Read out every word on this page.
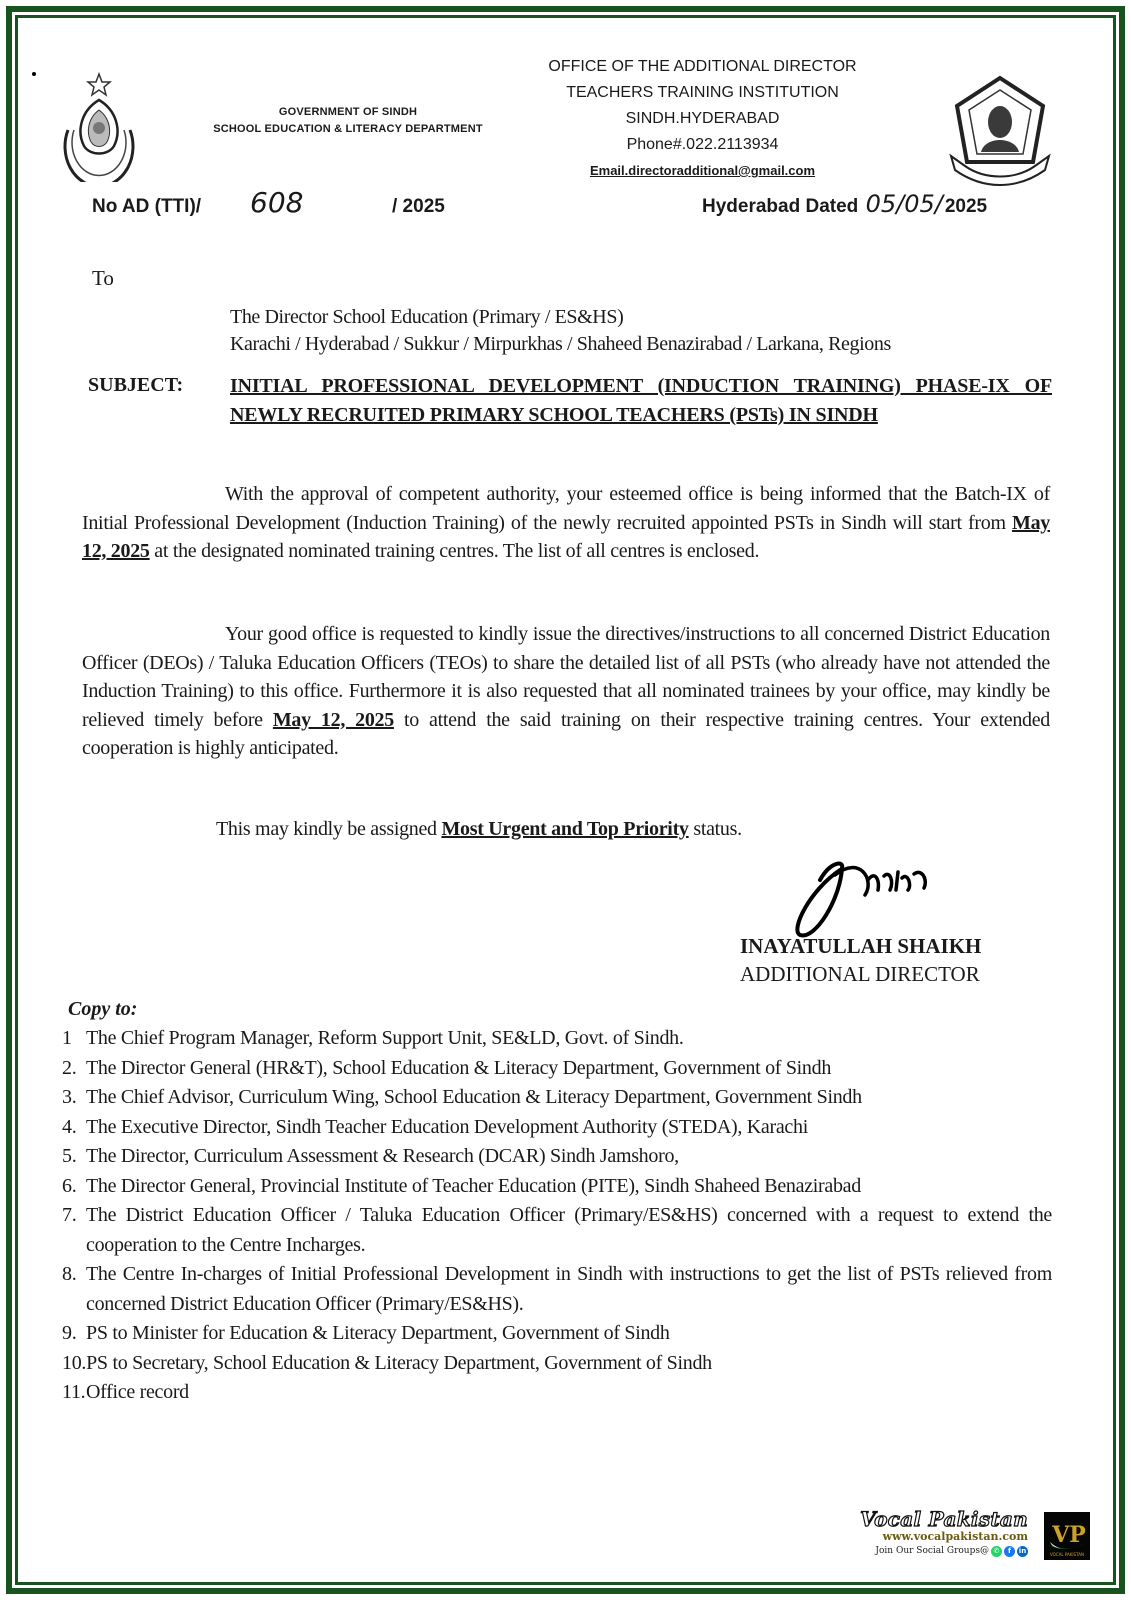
GOVERNMENT OF SINDH
SCHOOL EDUCATION & LITERACY DEPARTMENT
OFFICE OF THE ADDITIONAL DIRECTOR
TEACHERS TRAINING INSTITUTION
SINDH.HYDERABAD
Phone#.022.2113934
Email.directoradditional@gmail.com
No AD (TTI)/ 608	/ 2025	Hyderabad Dated 05/05/ 2025
To
The Director School Education (Primary / ES&HS)
Karachi / Hyderabad / Sukkur / Mirpurkhas / Shaheed Benazirabad / Larkana, Regions
SUBJECT: INITIAL PROFESSIONAL DEVELOPMENT (INDUCTION TRAINING) PHASE-IX OF NEWLY RECRUITED PRIMARY SCHOOL TEACHERS (PSTs) IN SINDH
With the approval of competent authority, your esteemed office is being informed that the Batch-IX of Initial Professional Development (Induction Training) of the newly recruited appointed PSTs in Sindh will start from May 12, 2025 at the designated nominated training centres. The list of all centres is enclosed.
Your good office is requested to kindly issue the directives/instructions to all concerned District Education Officer (DEOs) / Taluka Education Officers (TEOs) to share the detailed list of all PSTs (who already have not attended the Induction Training) to this office. Furthermore it is also requested that all nominated trainees by your office, may kindly be relieved timely before May 12, 2025 to attend the said training on their respective training centres. Your extended cooperation is highly anticipated.
This may kindly be assigned Most Urgent and Top Priority status.
INAYATULLAH SHAIKH
ADDITIONAL DIRECTOR
Copy to:
1 The Chief Program Manager, Reform Support Unit, SE&LD, Govt. of Sindh.
2. The Director General (HR&T), School Education & Literacy Department, Government of Sindh
3. The Chief Advisor, Curriculum Wing, School Education & Literacy Department, Government Sindh
4. The Executive Director, Sindh Teacher Education Development Authority (STEDA), Karachi
5. The Director, Curriculum Assessment & Research (DCAR) Sindh Jamshoro,
6. The Director General, Provincial Institute of Teacher Education (PITE), Sindh Shaheed Benazirabad
7. The District Education Officer / Taluka Education Officer (Primary/ES&HS) concerned with a request to extend the cooperation to the Centre Incharges.
8. The Centre In-charges of Initial Professional Development in Sindh with instructions to get the list of PSTs relieved from concerned District Education Officer (Primary/ES&HS).
9. PS to Minister for Education & Literacy Department, Government of Sindh
10. PS to Secretary, School Education & Literacy Department, Government of Sindh
11. Office record
Vocal Pakistan
www.vocalpakistan.com
Join Our Social Groups@ ✆	f	in
VP
VOCAL PAKISTAN
